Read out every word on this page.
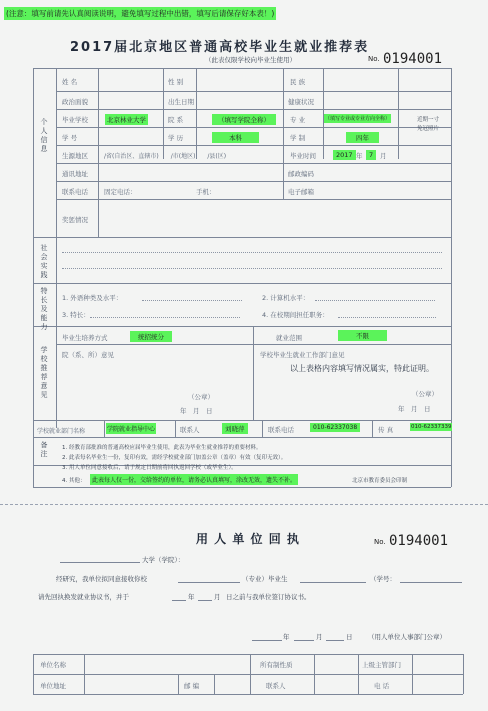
(注意：填写前请先认真阅读说明，避免填写过程中出错，填写后请保存好本表！)
2017届北京地区普通高校毕业生就业推荐表
（此表仅限学校向毕业生使用）	No. 0194001
个人信息
姓 名	性 别	民 族
政治面貌	出生日期	健康状况
毕业学校	北京林业大学	院 系	（填写学院全称）	专 业	（填写专业或专业方向全称）	近期一寸免冠照片
学 号	学 历	本科	学 制	四年
生源地区	/省(自治区、直辖市)　　/市(地区)　　/县(区)	毕业时间	2017 年	7	月
通讯地址	邮政编码
联系电话 固定电话：	手机：	电子邮箱
奖惩情况
社会实践
特长及能力
1. 外语种类及水平：	2. 计算机水平：
3. 特长：	4. 在校期间担任职务：
学校推荐意见
毕业生培养方式	统招统分	就业范围	不限
院（系、所）意见	学校毕业生就业工作部门意见
以上表格内容填写情况属实，特此证明。
（公章）
年　月　日
（公章）
年　月　日
学校就业部门名称	学院就业指导中心	联系人	刘晓萍	联系电话	010-62337038	传 真	010-62337339
备注
1. 经教育部批准的普通高校应届毕业生使用，此表为毕业生就业推荐的重要材料。
2. 此表每名毕业生一份，复印有效，需经学校就业部门加盖公章（盖章）有效（复印无效）。
3. 用人单位同意接收后，请于规定日期前将回执返回学校（或毕业生）。
4. 其他：	此表每人仅一份，交给签约的单位，请务必认真填写，涂改无效，遗失不补。	北京市教育委员会印制
用 人 单 位 回 执	No. 0194001
大学（学院）：
经研究，我单位拟同意接收你校	（专业）毕业生	（学号：
请先回执换发就业协议书，并于	年	月 日之前与我单位签订协议书。
年	月	日 （用人单位人事部门公章）
单位名称	所有制性质	上级主管部门
单位地址	邮 编	联系人	电 话
